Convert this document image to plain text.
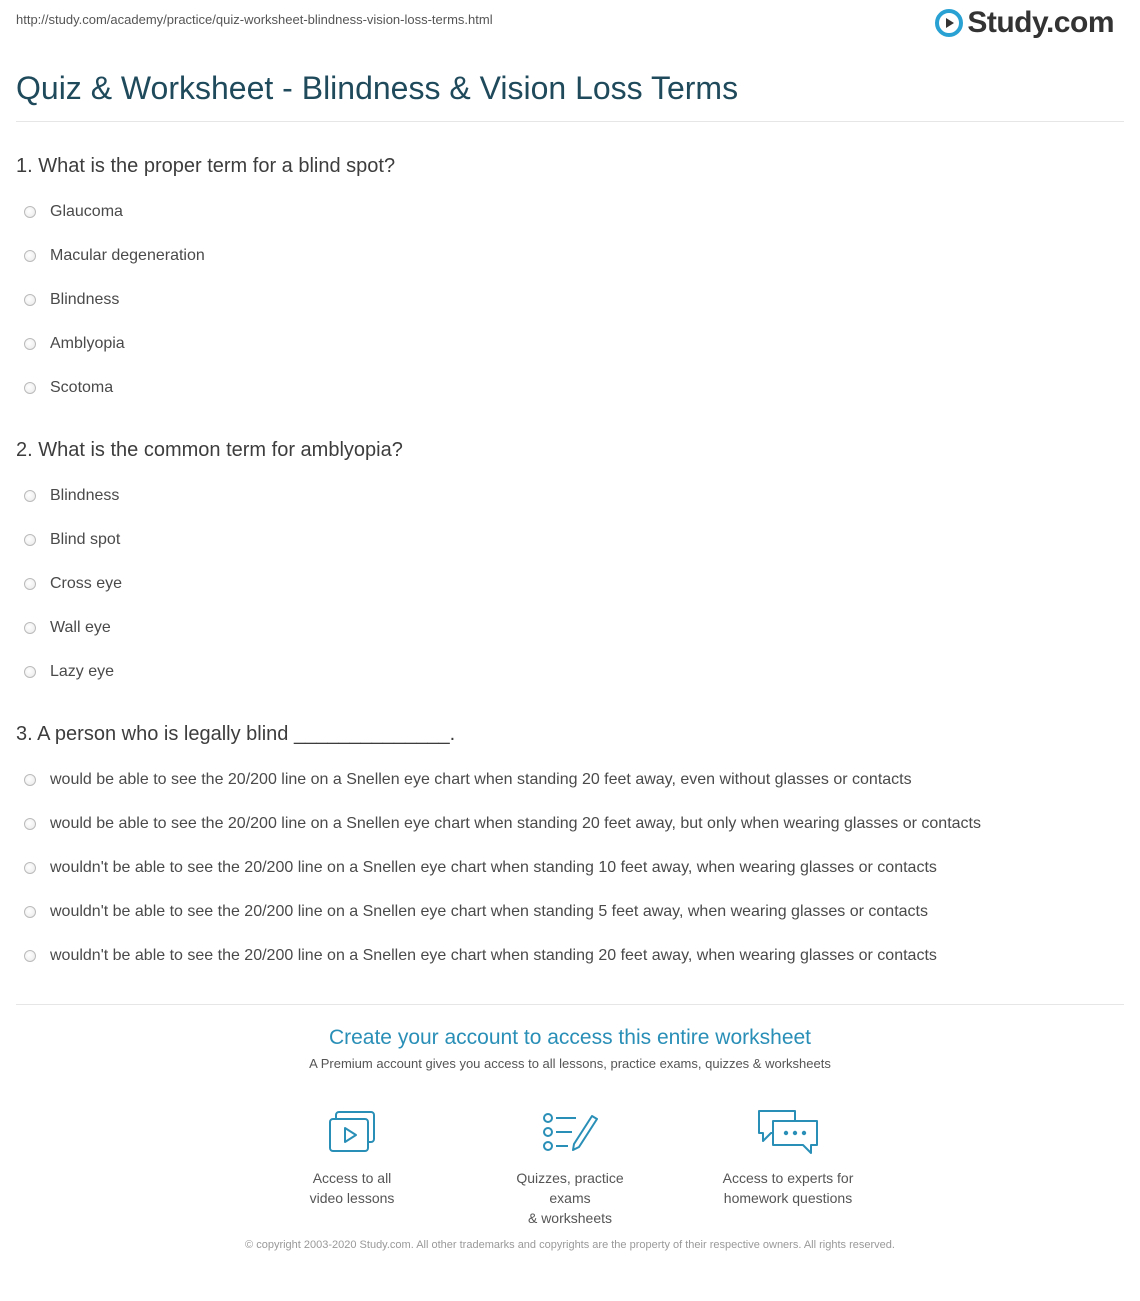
http://study.com/academy/practice/quiz-worksheet-blindness-vision-loss-terms.html	Study.com
Quiz & Worksheet - Blindness & Vision Loss Terms
1. What is the proper term for a blind spot?
Glaucoma
Macular degeneration
Blindness
Amblyopia
Scotoma
2. What is the common term for amblyopia?
Blindness
Blind spot
Cross eye
Wall eye
Lazy eye
3. A person who is legally blind ______________.
would be able to see the 20/200 line on a Snellen eye chart when standing 20 feet away, even without glasses or contacts
would be able to see the 20/200 line on a Snellen eye chart when standing 20 feet away, but only when wearing glasses or contacts
wouldn't be able to see the 20/200 line on a Snellen eye chart when standing 10 feet away, when wearing glasses or contacts
wouldn't be able to see the 20/200 line on a Snellen eye chart when standing 5 feet away, when wearing glasses or contacts
wouldn't be able to see the 20/200 line on a Snellen eye chart when standing 20 feet away, when wearing glasses or contacts
Create your account to access this entire worksheet
A Premium account gives you access to all lessons, practice exams, quizzes & worksheets
Access to all
video lessons
Quizzes, practice exams
& worksheets
Access to experts for
homework questions
© copyright 2003-2020 Study.com. All other trademarks and copyrights are the property of their respective owners. All rights reserved.
